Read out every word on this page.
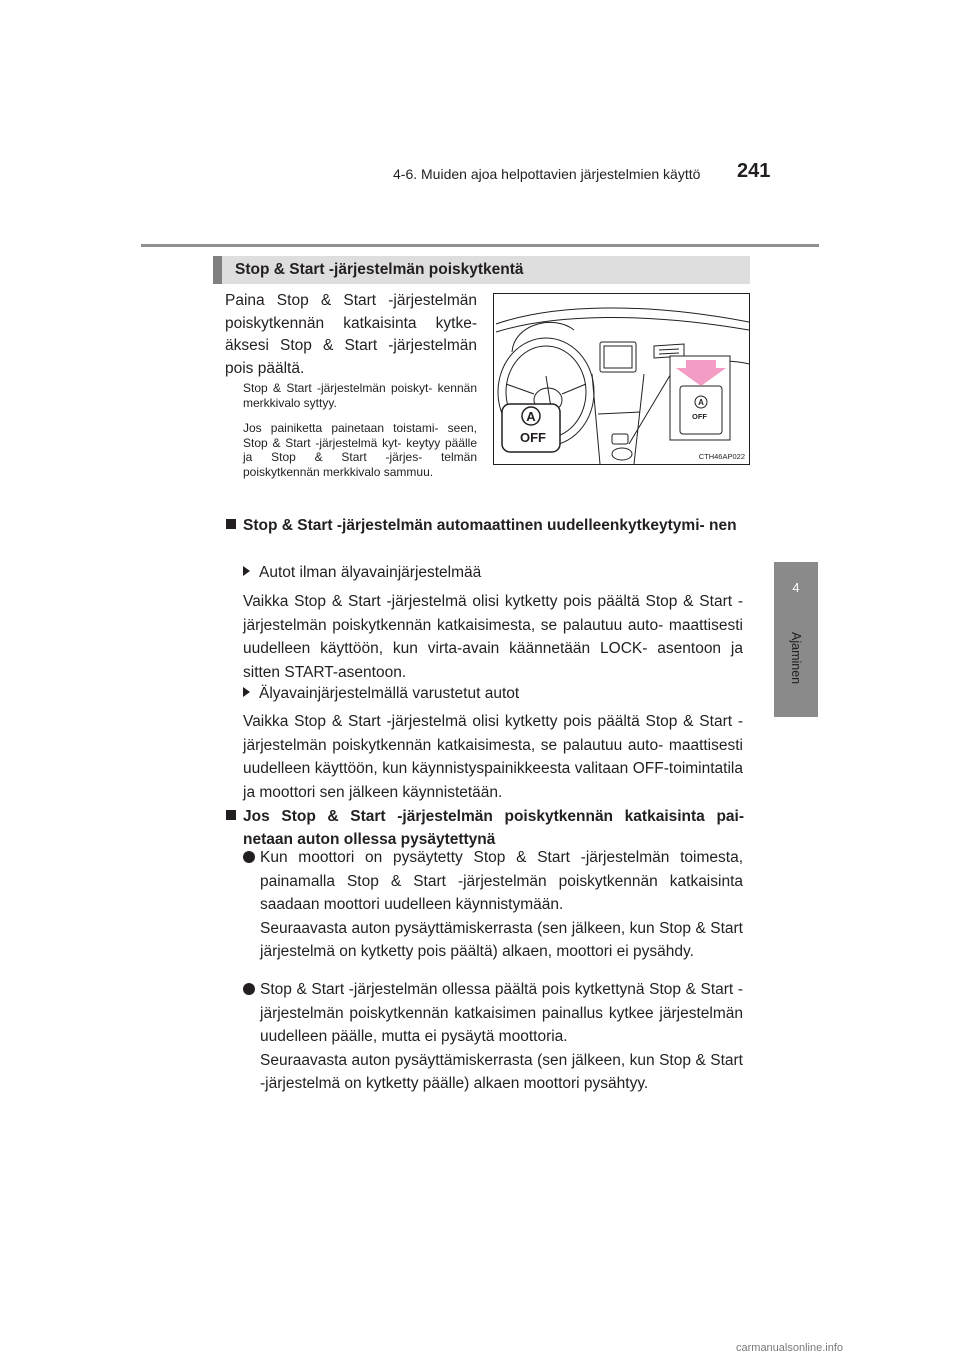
4-6. Muiden ajoa helpottavien järjestelmien käyttö 241
4
Ajaminen
Stop & Start -järjestelmän poiskytkentä
Paina Stop & Start -järjestelmän poiskytkennän katkaisinta kytke- äksesi Stop & Start -järjestelmän pois päältä.
Stop & Start -järjestelmän poiskyt- kennän merkkivalo syttyy.
Jos painiketta painetaan toistami- seen, Stop & Start -järjestelmä kyt- keytyy päälle ja Stop & Start -järjes- telmän poiskytkennän merkkivalo sammuu.
A
A
OFF
OFF
CTH46AP022
Stop & Start -järjestelmän automaattinen uudelleenkytkeytymi- nen
Autot ilman älyavainjärjestelmää
Vaikka Stop & Start -järjestelmä olisi kytketty pois päältä Stop & Start -järjestelmän poiskytkennän katkaisimesta, se palautuu auto- maattisesti uudelleen käyttöön, kun virta-avain käännetään LOCK- asentoon ja sitten START-asentoon.
Älyavainjärjestelmällä varustetut autot
Vaikka Stop & Start -järjestelmä olisi kytketty pois päältä Stop & Start -järjestelmän poiskytkennän katkaisimesta, se palautuu auto- maattisesti uudelleen käyttöön, kun käynnistyspainikkeesta valitaan OFF-toimintatila ja moottori sen jälkeen käynnistetään.
Jos Stop & Start -järjestelmän poiskytkennän katkaisinta pai- netaan auton ollessa pysäytettynä
Kun moottori on pysäytetty Stop & Start -järjestelmän toimesta, painamalla Stop & Start -järjestelmän poiskytkennän katkaisinta saadaan moottori uudelleen käynnistymään.
Seuraavasta auton pysäyttämiskerrasta (sen jälkeen, kun Stop & Start järjestelmä on kytketty pois päältä) alkaen, moottori ei pysähdy.
Stop & Start -järjestelmän ollessa päältä pois kytkettynä Stop & Start -järjestelmän poiskytkennän katkaisimen painallus kytkee järjestelmän uudelleen päälle, mutta ei pysäytä moottoria.
Seuraavasta auton pysäyttämiskerrasta (sen jälkeen, kun Stop & Start -järjestelmä on kytketty päälle) alkaen moottori pysähtyy.
carmanualsonline.info
